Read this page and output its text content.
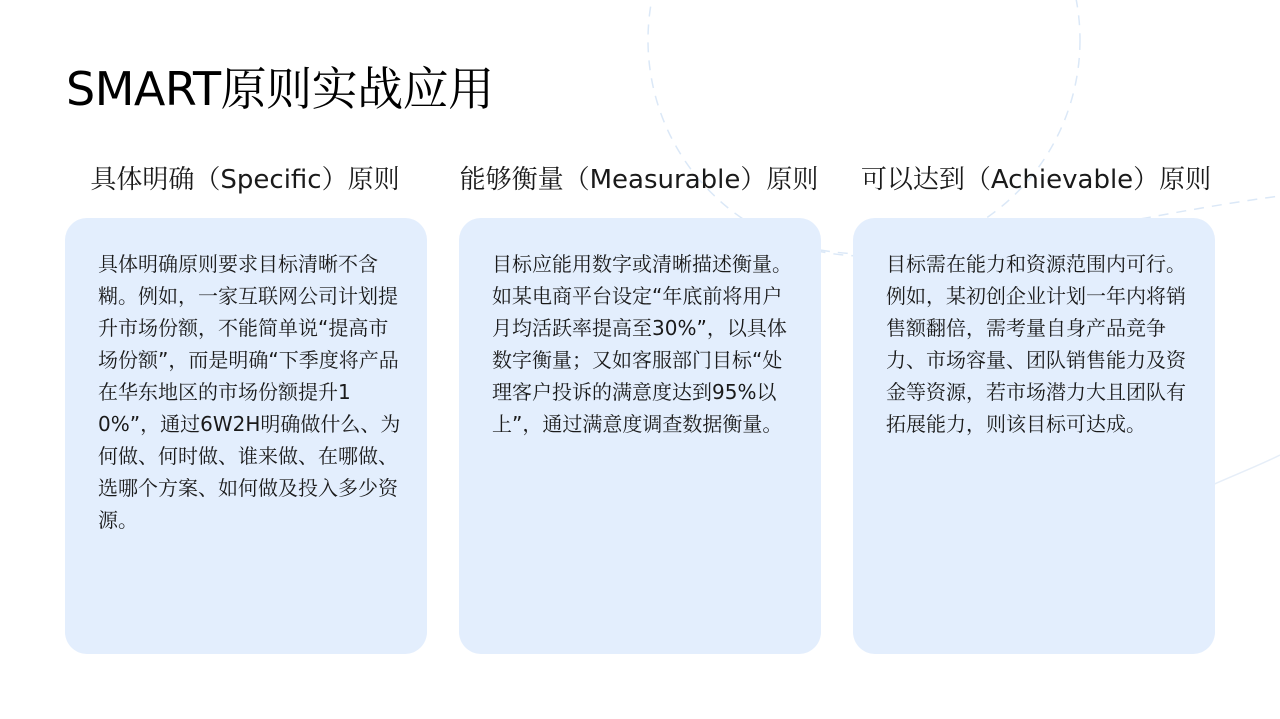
SMART原则实战应用
具体明确（Specific）原则	能够衡量（Measurable）原则	可以达到（Achievable）原则

具体明确原则要求目标清晰不含糊。例如，一家互联网公司计划提升市场份额，不能简单说“提高市场份额”，而是明确“下季度将产品在华东地区的市场份额提升10%”，通过6W2H明确做什么、为何做、何时做、谁来做、在哪做、选哪个方案、如何做及投入多少资源。

目标应能用数字或清晰描述衡量。如某电商平台设定“年底前将用户月均活跃率提高至30%”，以具体数字衡量；又如客服部门目标“处理客户投诉的满意度达到95%以上”，通过满意度调查数据衡量。

目标需在能力和资源范围内可行。例如，某初创企业计划一年内将销售额翻倍，需考量自身产品竞争力、市场容量、团队销售能力及资金等资源，若市场潜力大且团队有拓展能力，则该目标可达成。
